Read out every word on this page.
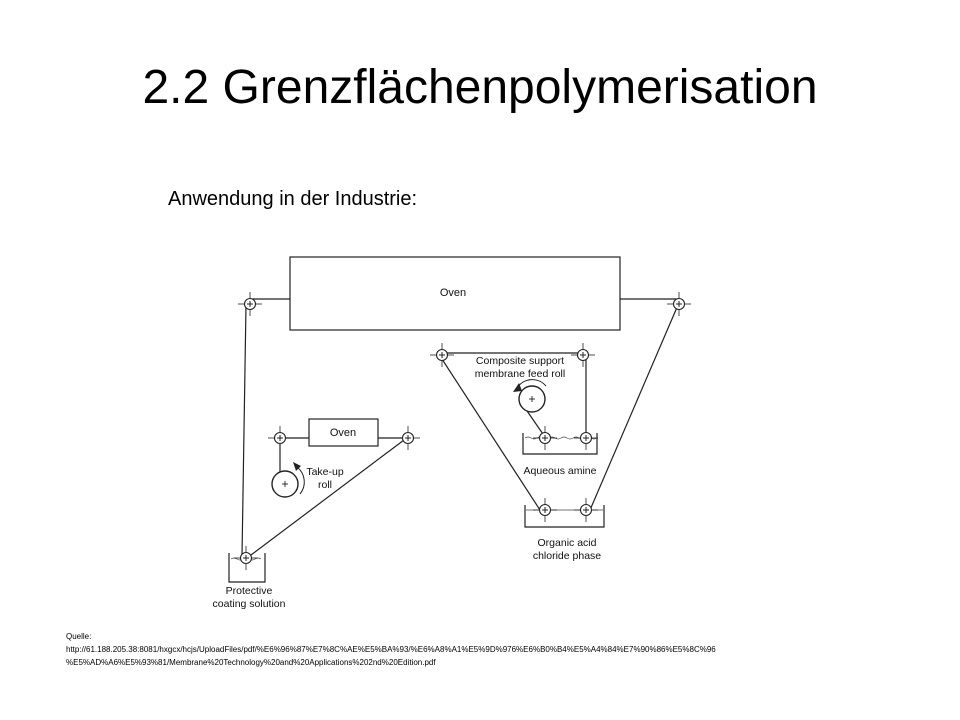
2.2 Grenzflächenpolymerisation
Anwendung in der Industrie:
Oven
Oven
Take-up
roll
Composite support
membrane feed roll
Aqueous amine
Organic acid
chloride phase
Protective
coating solution
Quelle:
http://61.188.205.38:8081/hxgcx/hcjs/UploadFiles/pdf/%E6%96%87%E7%8C%AE%E5%BA%93/%E6%A8%A1%E5%9D%976%E6%B0%B4%E5%A4%84%E7%90%86%E5%8C%96
%E5%AD%A6%E5%93%81/Membrane%20Technology%20and%20Applications%202nd%20Edition.pdf
